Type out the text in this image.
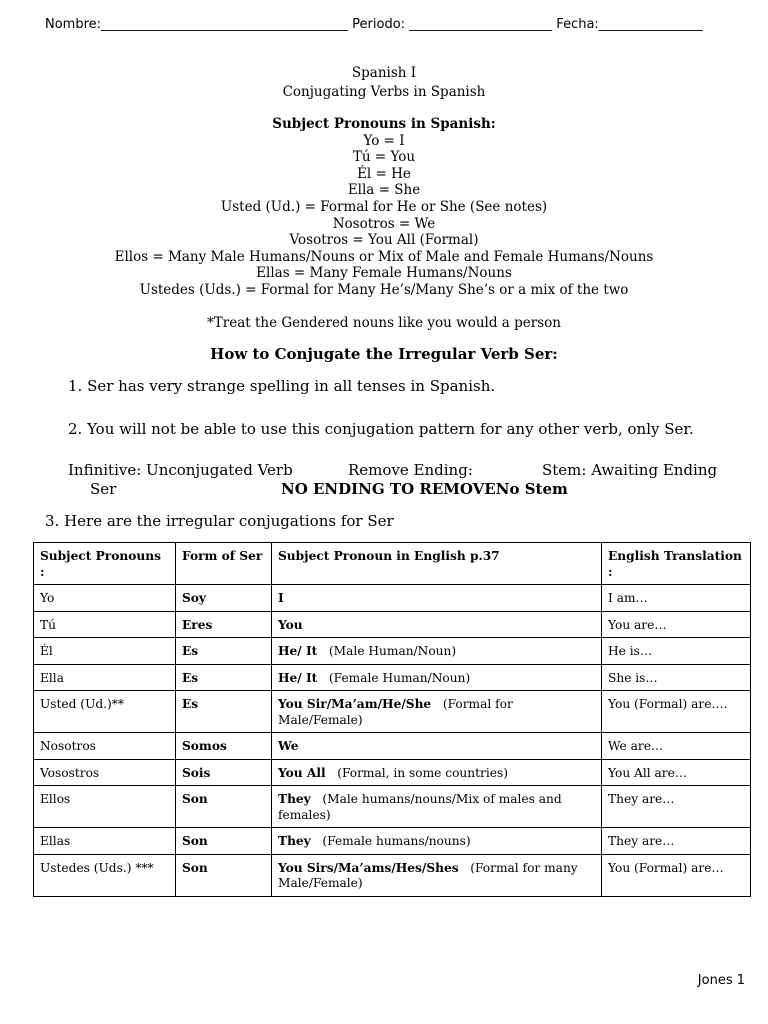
Nombre:______________________________________ Periodo: ______________________ Fecha:________________
Spanish I
Conjugating Verbs in Spanish
Subject Pronouns in Spanish:
Yo = I
Tú = You
Él = He
Ella = She
Usted (Ud.) = Formal for He or She (See notes)
Nosotros = We
Vosotros = You All (Formal)
Ellos = Many Male Humans/Nouns or Mix of Male and Female Humans/Nouns
Ellas = Many Female Humans/Nouns
Ustedes (Uds.) = Formal for Many He’s/Many She’s or a mix of the two
*Treat the Gendered nouns like you would a person
How to Conjugate the Irregular Verb Ser:
1. Ser has very strange spelling in all tenses in Spanish.
2. You will not be able to use this conjugation pattern for any other verb, only Ser.
Infinitive: Unconjugated Verb	Remove Ending:	Stem: Awaiting Ending
Ser	NO ENDING TO REMOVENo Stem
3. Here are the irregular conjugations for Ser
Subject Pronouns :	Form of Ser	Subject Pronoun in English p.37	English Translation :
Yo	Soy	I	I am…
Tú	Eres	You	You are…
Él	Es	He/ It (Male Human/Noun)	He is…
Ella	Es	He/ It (Female Human/Noun)	She is…
Usted (Ud.)**	Es	You Sir/Ma’am/He/She (Formal for Male/Female)	You (Formal) are….
Nosotros	Somos	We	We are…
Vosostros	Sois	You All (Formal, in some countries)	You All are…
Ellos	Son	They (Male humans/nouns/Mix of males and females)	They are…
Ellas	Son	They (Female humans/nouns)	They are…
Ustedes (Uds.) ***	Son	You Sirs/Ma’ams/Hes/Shes (Formal for many Male/Female)	You (Formal) are…
Jones 1
